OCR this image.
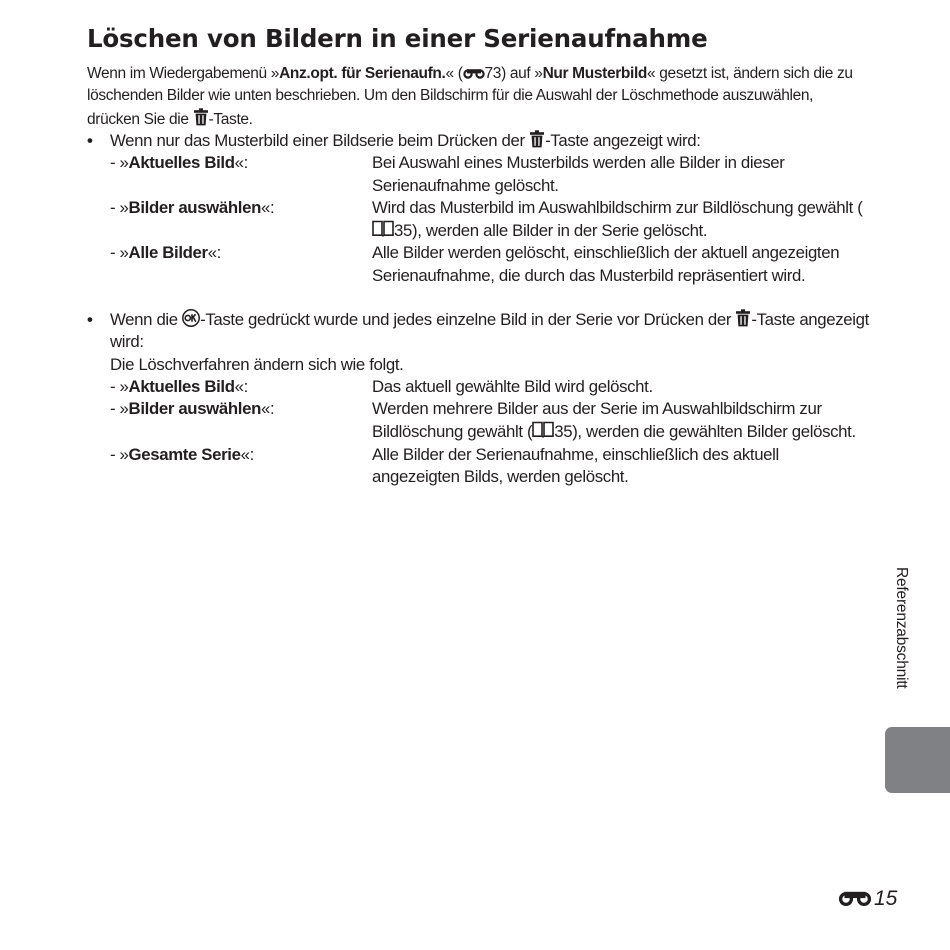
Löschen von Bildern in einer Serienaufnahme

Wenn im Wiedergabemenü »Anz.opt. für Serienaufn.« ( 73) auf »Nur Musterbild« gesetzt ist, ändern sich die zu löschenden Bilder wie unten beschrieben. Um den Bildschirm für die Auswahl der Löschmethode auszuwählen, drücken Sie die -Taste.

• Wenn nur das Musterbild einer Bildserie beim Drücken der -Taste angezeigt wird:

- »Aktuelles Bild«:	Bei Auswahl eines Musterbilds werden alle Bilder in dieser Serienaufnahme gelöscht.
- »Bilder auswählen«:	Wird das Musterbild im Auswahlbildschirm zur Bildlöschung gewählt (35), werden alle Bilder in der Serie gelöscht.
- »Alle Bilder«:	Alle Bilder werden gelöscht, einschließlich der aktuell angezeigten Serienaufnahme, die durch das Musterbild repräsentiert wird.

• Wenn die -Taste gedrückt wurde und jedes einzelne Bild in der Serie vor Drücken der -Taste angezeigt wird:

Die Löschverfahren ändern sich wie folgt.

- »Aktuelles Bild«:	Das aktuell gewählte Bild wird gelöscht.
- »Bilder auswählen«:	Werden mehrere Bilder aus der Serie im Auswahlbildschirm zur Bildlöschung gewählt ( 35), werden die gewählten Bilder gelöscht.
- »Gesamte Serie«:	Alle Bilder der Serienaufnahme, einschließlich des aktuell angezeigten Bilds, werden gelöscht.
Referenzabschnitt
15
